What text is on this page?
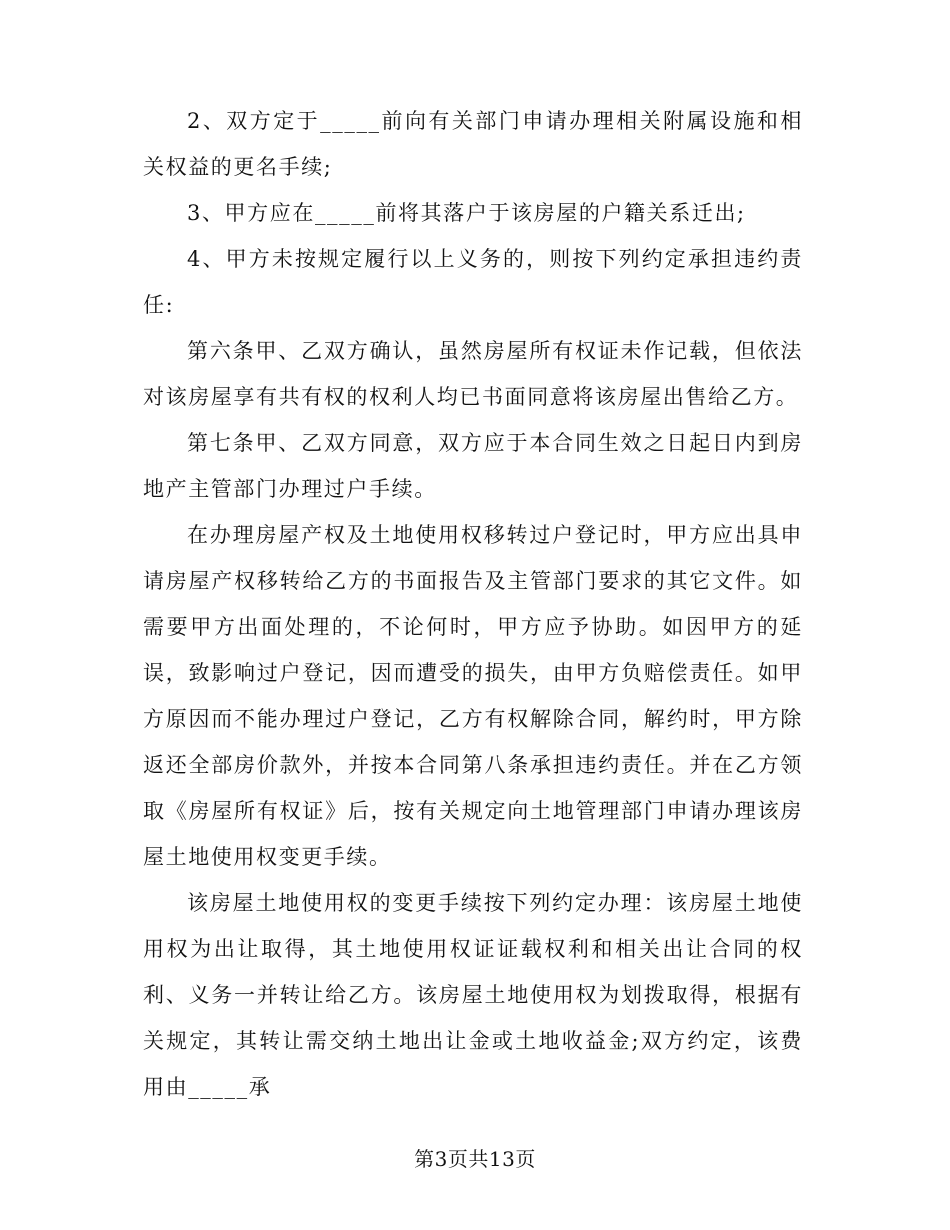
2、双方定于_____前向有关部门申请办理相关附属设施和相关权益的更名手续;

3、甲方应在_____前将其落户于该房屋的户籍关系迁出;

4、甲方未按规定履行以上义务的，则按下列约定承担违约责任:

第六条甲、乙双方确认，虽然房屋所有权证未作记载，但依法对该房屋享有共有权的权利人均已书面同意将该房屋出售给乙方。

第七条甲、乙双方同意，双方应于本合同生效之日起日内到房地产主管部门办理过户手续。

在办理房屋产权及土地使用权移转过户登记时，甲方应出具申请房屋产权移转给乙方的书面报告及主管部门要求的其它文件。如需要甲方出面处理的，不论何时，甲方应予协助。如因甲方的延误，致影响过户登记，因而遭受的损失，由甲方负赔偿责任。如甲方原因而不能办理过户登记，乙方有权解除合同，解约时，甲方除返还全部房价款外，并按本合同第八条承担违约责任。并在乙方领取《房屋所有权证》后，按有关规定向土地管理部门申请办理该房屋土地使用权变更手续。

该房屋土地使用权的变更手续按下列约定办理：该房屋土地使用权为出让取得，其土地使用权证证载权利和相关出让合同的权利、义务一并转让给乙方。该房屋土地使用权为划拨取得，根据有关规定，其转让需交纳土地出让金或土地收益金;双方约定，该费用由_____承

第3页共13页
